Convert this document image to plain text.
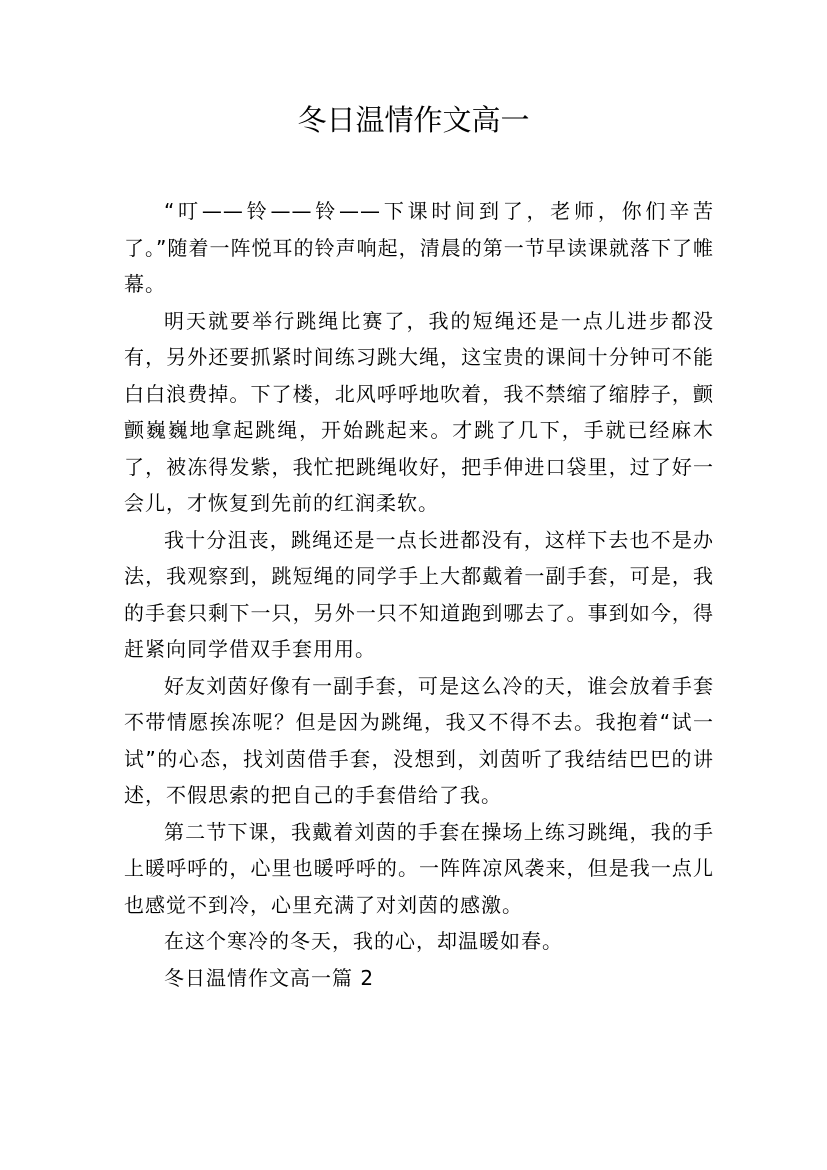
冬日温情作文高一

“叮——铃——铃——下课时间到了，老师，你们辛苦了。”随着一阵悦耳的铃声响起，清晨的第一节早读课就落下了帷幕。

明天就要举行跳绳比赛了，我的短绳还是一点儿进步都没有，另外还要抓紧时间练习跳大绳，这宝贵的课间十分钟可不能白白浪费掉。下了楼，北风呼呼地吹着，我不禁缩了缩脖子，颤颤巍巍地拿起跳绳，开始跳起来。才跳了几下，手就已经麻木了，被冻得发紫，我忙把跳绳收好，把手伸进口袋里，过了好一会儿，才恢复到先前的红润柔软。

我十分沮丧，跳绳还是一点长进都没有，这样下去也不是办法，我观察到，跳短绳的同学手上大都戴着一副手套，可是，我的手套只剩下一只，另外一只不知道跑到哪去了。事到如今，得赶紧向同学借双手套用用。

好友刘茵好像有一副手套，可是这么冷的天，谁会放着手套不带情愿挨冻呢？但是因为跳绳，我又不得不去。我抱着“试一试”的心态，找刘茵借手套，没想到，刘茵听了我结结巴巴的讲述，不假思索的把自己的手套借给了我。

第二节下课，我戴着刘茵的手套在操场上练习跳绳，我的手上暖呼呼的，心里也暖呼呼的。一阵阵凉风袭来，但是我一点儿也感觉不到冷，心里充满了对刘茵的感激。

在这个寒冷的冬天，我的心，却温暖如春。

冬日温情作文高一篇 2
